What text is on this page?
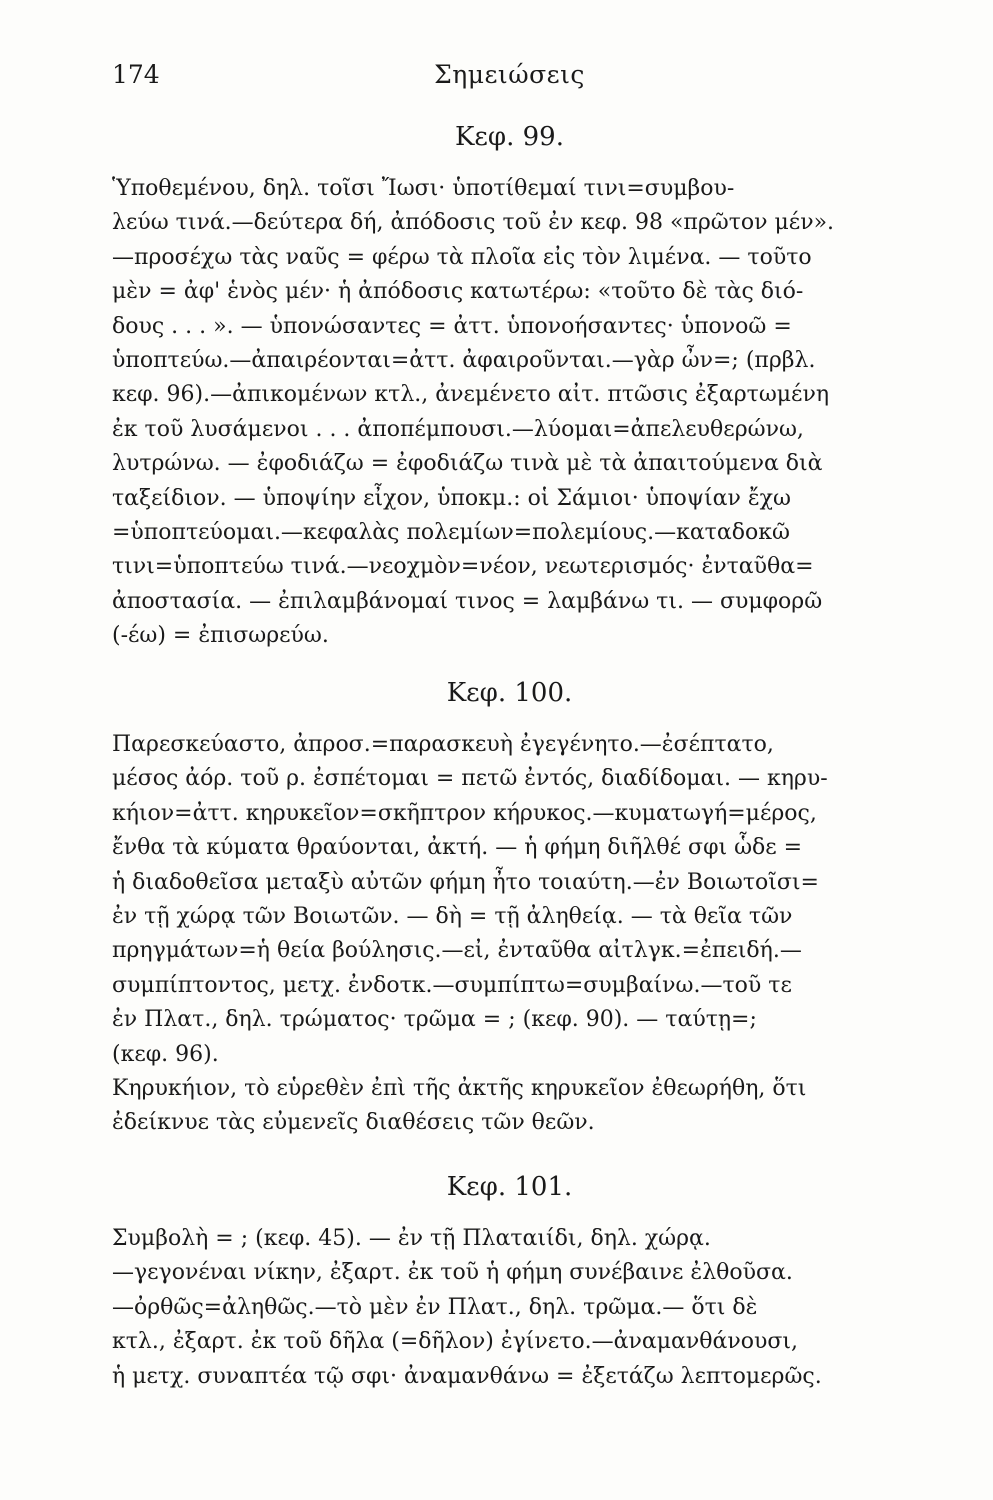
Σημειώσεις
174
Κεφ. 99.
Ὑποθεμένου, δηλ. τοῖσι Ἴωσι· ὑποτίθεμαί τινι=συμβου-
λεύω τινά.—δεύτερα δή, ἀπόδοσις τοῦ ἐν κεφ. 98 «πρῶτον μέν».
—προσέχω τὰς ναῦς = φέρω τὰ πλοῖα εἰς τὸν λιμένα. — τοῦτο
μὲν = ἀφ' ἑνὸς μέν· ἡ ἀπόδοσις κατωτέρω: «τοῦτο δὲ τὰς διό-
δους . . . ». — ὑπονώσαντες = ἀττ. ὑπονοήσαντες· ὑπονοῶ =
ὑποπτεύω.—ἀπαιρέονται=ἀττ. ἀφαιροῦνται.—γὰρ ὦν=; (πρβλ.
κεφ. 96).—ἀπικομένων κτλ., ἀνεμένετο αἰτ. πτῶσις ἐξαρτωμένη
ἐκ τοῦ λυσάμενοι . . . ἀποπέμπουσι.—λύομαι=ἀπελευθερώνω,
λυτρώνω. — ἐφοδιάζω = ἐφοδιάζω τινὰ μὲ τὰ ἀπαιτούμενα διὰ
ταξείδιον. — ὑποψίην εἶχον, ὑποκμ.: οἱ Σάμιοι· ὑποψίαν ἔχω
=ὑποπτεύομαι.—κεφαλὰς πολεμίων=πολεμίους.—καταδοκῶ
τινι=ὑποπτεύω τινά.—νεοχμὸν=νέον, νεωτερισμός· ἐνταῦθα=
ἀποστασία. — ἐπιλαμβάνομαί τινος = λαμβάνω τι. — συμφορῶ
(-έω) = ἐπισωρεύω.
Κεφ. 100.
Παρεσκεύαστο, ἀπροσ.=παρασκευὴ ἐγεγένητο.—ἐσέπτατο,
μέσος ἀόρ. τοῦ ρ. ἐσπέτομαι = πετῶ ἐντός, διαδίδομαι. — κηρυ-
κήιον=ἀττ. κηρυκεῖον=σκῆπτρον κήρυκος.—κυματωγή=μέρος,
ἔνθα τὰ κύματα θραύονται, ἀκτή. — ἡ φήμη διῆλθέ σφι ὧδε =
ἡ διαδοθεῖσα μεταξὺ αὐτῶν φήμη ἦτο τοιαύτη.—ἐν Βοιωτοῖσι=
ἐν τῇ χώρᾳ τῶν Βοιωτῶν. — δὴ = τῇ ἀληθείᾳ. — τὰ θεῖα τῶν
πρηγμάτων=ἡ θεία βούλησις.—εἰ, ἐνταῦθα αἰτλγκ.=ἐπειδή.—
συμπίπτοντος, μετχ. ἐνδοτκ.—συμπίπτω=συμβαίνω.—τοῦ τε
ἐν Πλατ., δηλ. τρώματος· τρῶμα = ; (κεφ. 90). — ταύτῃ=;
(κεφ. 96).
Κηρυκήιον, τὸ εὑρεθὲν ἐπὶ τῆς ἀκτῆς κηρυκεῖον ἐθεωρήθη, ὅτι
ἐδείκνυε τὰς εὐμενεῖς διαθέσεις τῶν θεῶν.
Κεφ. 101.
Συμβολὴ = ; (κεφ. 45). — ἐν τῇ Πλαταιίδι, δηλ. χώρᾳ.
—γεγονέναι νίκην, ἐξαρτ. ἐκ τοῦ ἡ φήμη συνέβαινε ἐλθοῦσα.
—ὀρθῶς=ἀληθῶς.—τὸ μὲν ἐν Πλατ., δηλ. τρῶμα.— ὅτι δὲ
κτλ., ἐξαρτ. ἐκ τοῦ δῆλα (=δῆλον) ἐγίνετο.—ἀναμανθάνουσι,
ἡ μετχ. συναπτέα τῷ σφι· ἀναμανθάνω = ἐξετάζω λεπτομερῶς.
